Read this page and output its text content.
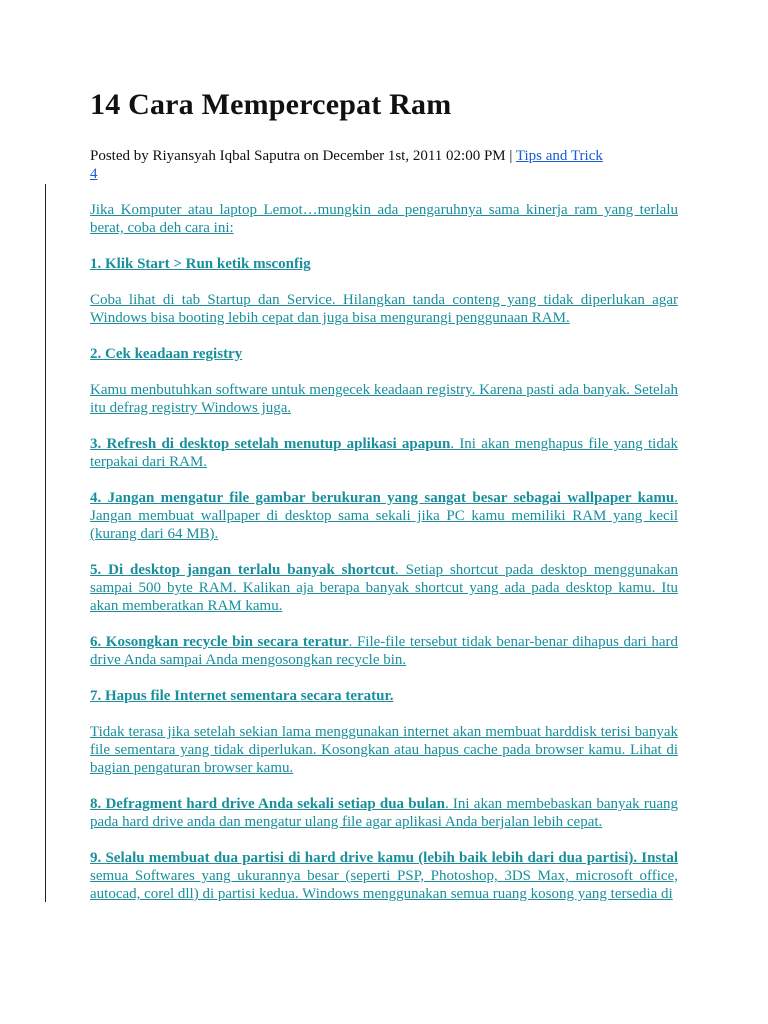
14 Cara Mempercepat Ram
Posted by Riyansyah Iqbal Saputra on December 1st, 2011 02:00 PM | Tips and Trick
4

Jika Komputer atau laptop Lemot…mungkin ada pengaruhnya sama kinerja ram yang terlalu berat, coba deh cara ini:

1. Klik Start > Run ketik msconfig

Coba lihat di tab Startup dan Service. Hilangkan tanda conteng yang tidak diperlukan agar Windows bisa booting lebih cepat dan juga bisa mengurangi penggunaan RAM.

2. Cek keadaan registry

Kamu menbutuhkan software untuk mengecek keadaan registry. Karena pasti ada banyak. Setelah itu defrag registry Windows juga.

3. Refresh di desktop setelah menutup aplikasi apapun. Ini akan menghapus file yang tidak terpakai dari RAM.

4. Jangan mengatur file gambar berukuran yang sangat besar sebagai wallpaper kamu. Jangan membuat wallpaper di desktop sama sekali jika PC kamu memiliki RAM yang kecil (kurang dari 64 MB).

5. Di desktop jangan terlalu banyak shortcut. Setiap shortcut pada desktop menggunakan sampai 500 byte RAM. Kalikan aja berapa banyak shortcut yang ada pada desktop kamu. Itu akan memberatkan RAM kamu.

6. Kosongkan recycle bin secara teratur. File-file tersebut tidak benar-benar dihapus dari hard drive Anda sampai Anda mengosongkan recycle bin.

7. Hapus file Internet sementara secara teratur.

Tidak terasa jika setelah sekian lama menggunakan internet akan membuat harddisk terisi banyak file sementara yang tidak diperlukan. Kosongkan atau hapus cache pada browser kamu. Lihat di bagian pengaturan browser kamu.

8. Defragment hard drive Anda sekali setiap dua bulan. Ini akan membebaskan banyak ruang pada hard drive anda dan mengatur ulang file agar aplikasi Anda berjalan lebih cepat.

9. Selalu membuat dua partisi di hard drive kamu (lebih baik lebih dari dua partisi). Instal semua Softwares yang ukurannya besar (seperti PSP, Photoshop, 3DS Max, microsoft office, autocad, corel dll) di partisi kedua. Windows menggunakan semua ruang kosong yang tersedia di
